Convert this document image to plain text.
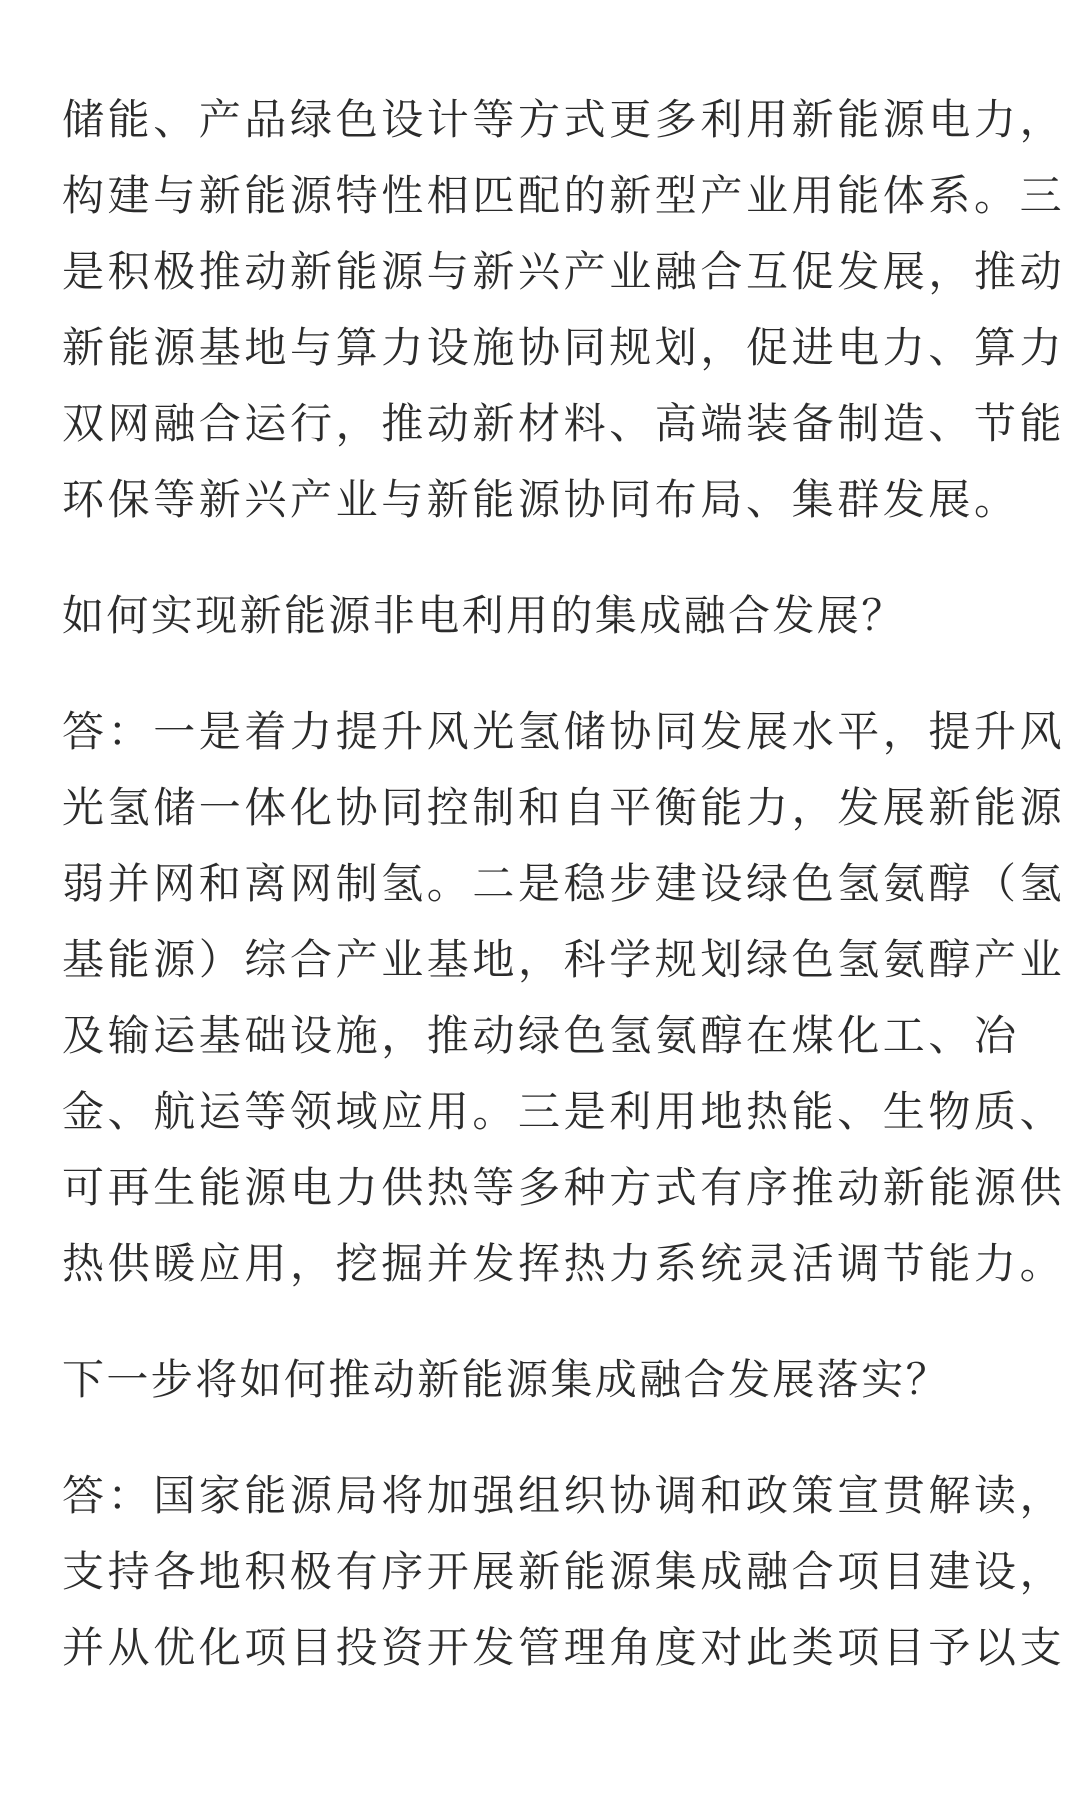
储能、产品绿色设计等方式更多利用新能源电力，
构建与新能源特性相匹配的新型产业用能体系。三
是积极推动新能源与新兴产业融合互促发展，推动
新能源基地与算力设施协同规划，促进电力、算力
双网融合运行，推动新材料、高端装备制造、节能
环保等新兴产业与新能源协同布局、集群发展。
如何实现新能源非电利用的集成融合发展？
答：一是着力提升风光氢储协同发展水平，提升风
光氢储一体化协同控制和自平衡能力，发展新能源
弱并网和离网制氢。二是稳步建设绿色氢氨醇（氢
基能源）综合产业基地，科学规划绿色氢氨醇产业
及输运基础设施，推动绿色氢氨醇在煤化工、冶
金、航运等领域应用。三是利用地热能、生物质、
可再生能源电力供热等多种方式有序推动新能源供
热供暖应用，挖掘并发挥热力系统灵活调节能力。
下一步将如何推动新能源集成融合发展落实？
答：国家能源局将加强组织协调和政策宣贯解读，
支持各地积极有序开展新能源集成融合项目建设，
并从优化项目投资开发管理角度对此类项目予以支
